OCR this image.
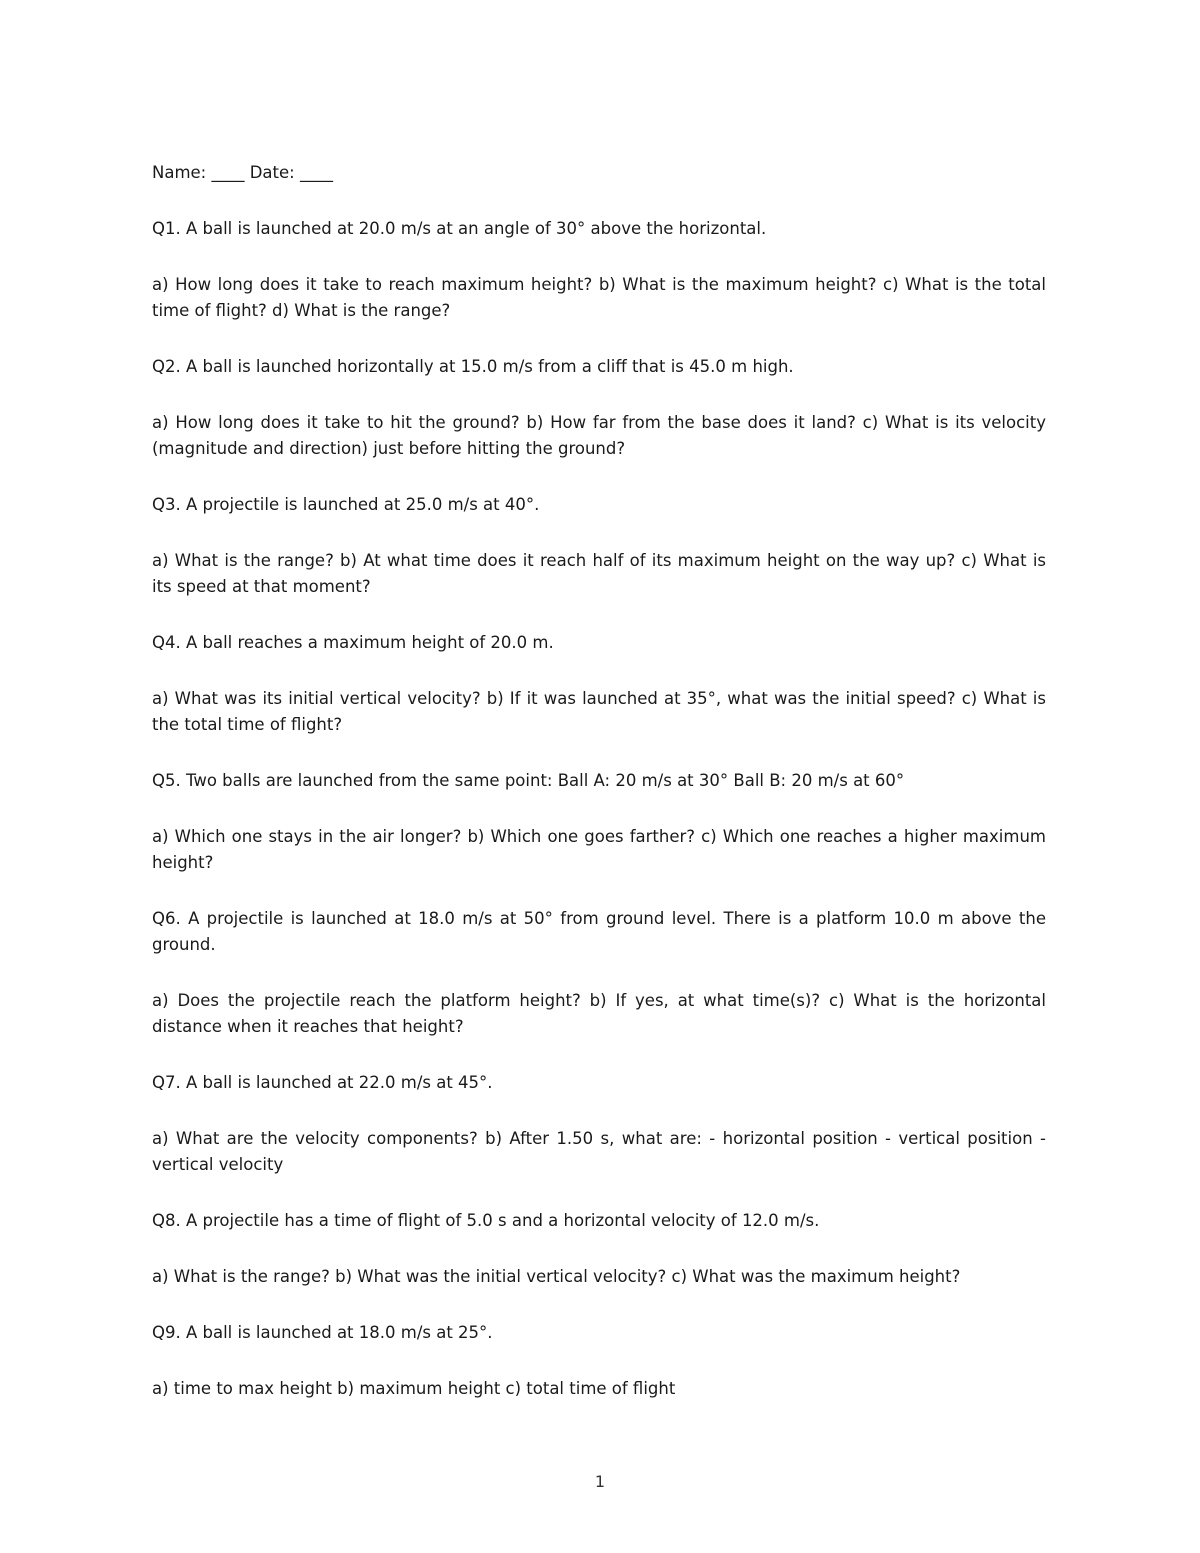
Name: ____ Date: ____

Q1. A ball is launched at 20.0 m/s at an angle of 30° above the horizontal.

a) How long does it take to reach maximum height? b) What is the maximum height? c) What is the total time of flight? d) What is the range?

Q2. A ball is launched horizontally at 15.0 m/s from a cliff that is 45.0 m high.

a) How long does it take to hit the ground? b) How far from the base does it land? c) What is its velocity (magnitude and direction) just before hitting the ground?

Q3. A projectile is launched at 25.0 m/s at 40°.

a) What is the range? b) At what time does it reach half of its maximum height on the way up? c) What is its speed at that moment?

Q4. A ball reaches a maximum height of 20.0 m.

a) What was its initial vertical velocity? b) If it was launched at 35°, what was the initial speed? c) What is the total time of flight?

Q5. Two balls are launched from the same point: Ball A: 20 m/s at 30° Ball B: 20 m/s at 60°

a) Which one stays in the air longer? b) Which one goes farther? c) Which one reaches a higher maximum height?

Q6. A projectile is launched at 18.0 m/s at 50° from ground level. There is a platform 10.0 m above the ground.

a) Does the projectile reach the platform height? b) If yes, at what time(s)? c) What is the horizontal distance when it reaches that height?

Q7. A ball is launched at 22.0 m/s at 45°.

a) What are the velocity components? b) After 1.50 s, what are: - horizontal position - vertical position - vertical velocity

Q8. A projectile has a time of flight of 5.0 s and a horizontal velocity of 12.0 m/s.

a) What is the range? b) What was the initial vertical velocity? c) What was the maximum height?

Q9. A ball is launched at 18.0 m/s at 25°.

a) time to max height b) maximum height c) total time of flight

1
